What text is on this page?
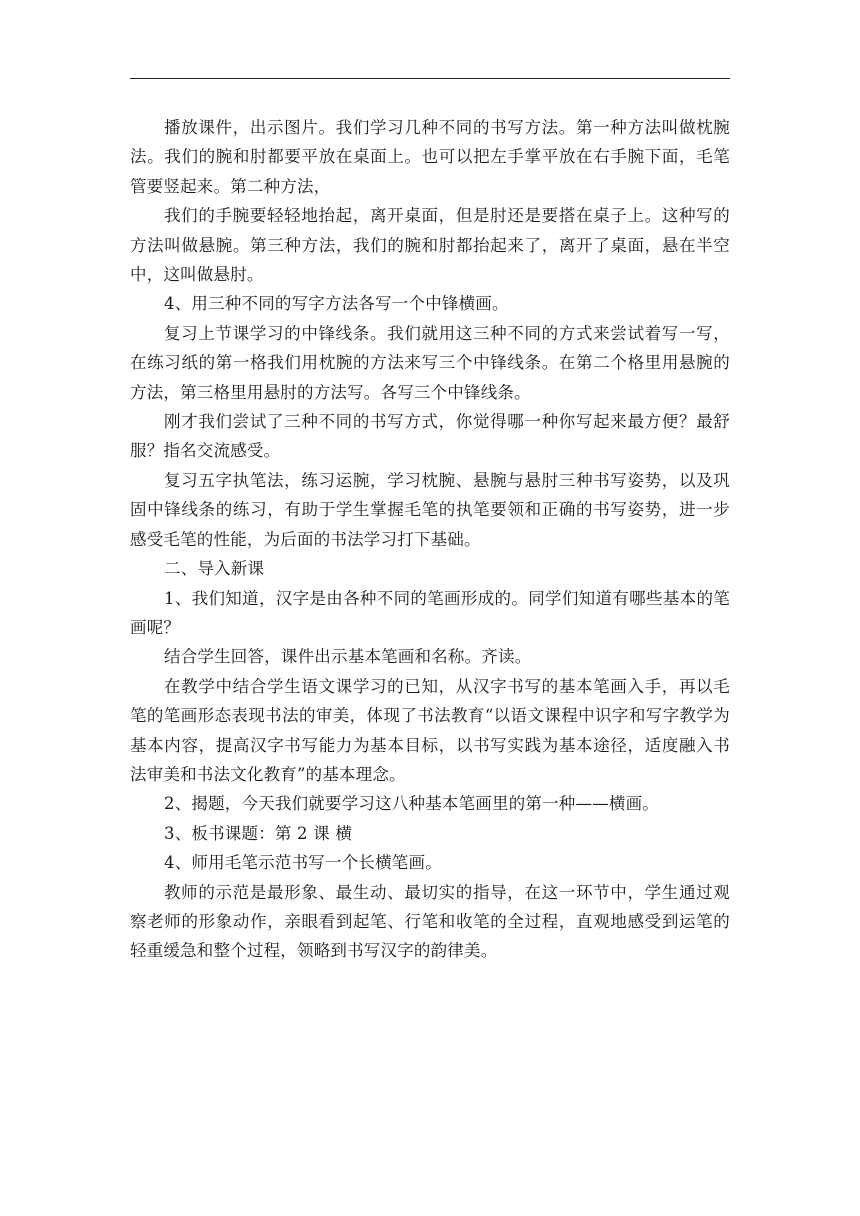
播放课件，出示图片。我们学习几种不同的书写方法。第一种方法叫做枕腕法。我们的腕和肘都要平放在桌面上。也可以把左手掌平放在右手腕下面，毛笔管要竖起来。第二种方法，

我们的手腕要轻轻地抬起，离开桌面，但是肘还是要搭在桌子上。这种写的方法叫做悬腕。第三种方法，我们的腕和肘都抬起来了，离开了桌面，悬在半空中，这叫做悬肘。

4、用三种不同的写字方法各写一个中锋横画。

复习上节课学习的中锋线条。我们就用这三种不同的方式来尝试着写一写，在练习纸的第一格我们用枕腕的方法来写三个中锋线条。在第二个格里用悬腕的方法，第三格里用悬肘的方法写。各写三个中锋线条。

刚才我们尝试了三种不同的书写方式，你觉得哪一种你写起来最方便？最舒服？指名交流感受。

复习五字执笔法，练习运腕，学习枕腕、悬腕与悬肘三种书写姿势，以及巩固中锋线条的练习，有助于学生掌握毛笔的执笔要领和正确的书写姿势，进一步感受毛笔的性能，为后面的书法学习打下基础。

二、导入新课

1、我们知道，汉字是由各种不同的笔画形成的。同学们知道有哪些基本的笔画呢？

结合学生回答，课件出示基本笔画和名称。齐读。

在教学中结合学生语文课学习的已知，从汉字书写的基本笔画入手，再以毛笔的笔画形态表现书法的审美，体现了书法教育“以语文课程中识字和写字教学为基本内容，提高汉字书写能力为基本目标，以书写实践为基本途径，适度融入书法审美和书法文化教育”的基本理念。

2、揭题，今天我们就要学习这八种基本笔画里的第一种——横画。

3、板书课题：第 2 课 横

4、师用毛笔示范书写一个长横笔画。

教师的示范是最形象、最生动、最切实的指导，在这一环节中，学生通过观察老师的形象动作，亲眼看到起笔、行笔和收笔的全过程，直观地感受到运笔的轻重缓急和整个过程，领略到书写汉字的韵律美。
